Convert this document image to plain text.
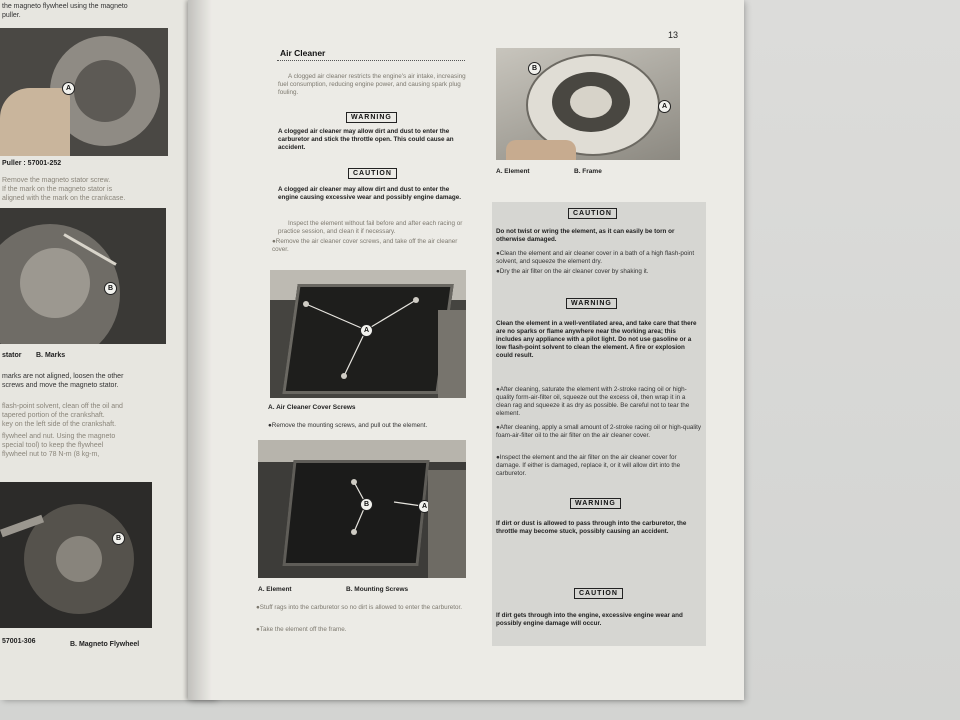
the magneto flywheel using the magneto
puller.
A
Puller : 57001-252
Remove the magneto stator screw.
If the mark on the magneto stator is
aligned with the mark on the crankcase.
B
stator B. Marks
marks are not aligned, loosen the other
screws and move the magneto stator.
flash-point solvent, clean off the oil and
tapered portion of the crankshaft.
key on the left side of the crankshaft.
flywheel and nut. Using the magneto
special tool) to keep the flywheel
flywheel nut to 78 N-m (8 kg-m,
B
57001-306	B. Magneto Flywheel
13
Air Cleaner
A clogged air cleaner restricts the engine's air intake, increasing fuel consumption, reducing engine power, and causing spark plug fouling.
WARNING
A clogged air cleaner may allow dirt and dust to enter the carburetor and stick the throttle open. This could cause an accident.
CAUTION
A clogged air cleaner may allow dirt and dust to enter the engine causing excessive wear and possibly engine damage.
Inspect the element without fail before and after each racing or practice session, and clean it if necessary.
●Remove the air cleaner cover screws, and take off the air cleaner cover.
A
A. Air Cleaner Cover Screws
●Remove the mounting screws, and pull out the element.
B	A
A. Element	B. Mounting Screws
●Stuff rags into the carburetor so no dirt is allowed to enter the carburetor.
●Take the element off the frame.
B
A
A. Element	B. Frame
CAUTION
Do not twist or wring the element, as it can easily be torn or otherwise damaged.
●Clean the element and air cleaner cover in a bath of a high flash-point solvent, and squeeze the element dry.
●Dry the air filter on the air cleaner cover by shaking it.
WARNING
Clean the element in a well-ventilated area, and take care that there are no sparks or flame anywhere near the working area; this includes any appliance with a pilot light. Do not use gasoline or a low flash-point solvent to clean the element. A fire or explosion could result.
●After cleaning, saturate the element with 2-stroke racing oil or high-quality form-air-filter oil, squeeze out the excess oil, then wrap it in a clean rag and squeeze it as dry as possible. Be careful not to tear the element.
●After cleaning, apply a small amount of 2-stroke racing oil or high-quality foam-air-filter oil to the air filter on the air cleaner cover.
●Inspect the element and the air filter on the air cleaner cover for damage. If either is damaged, replace it, or it will allow dirt into the carburetor.
WARNING
If dirt or dust is allowed to pass through into the carburetor, the throttle may become stuck, possibly causing an accident.
CAUTION
If dirt gets through into the engine, excessive engine wear and possibly engine damage will occur.
